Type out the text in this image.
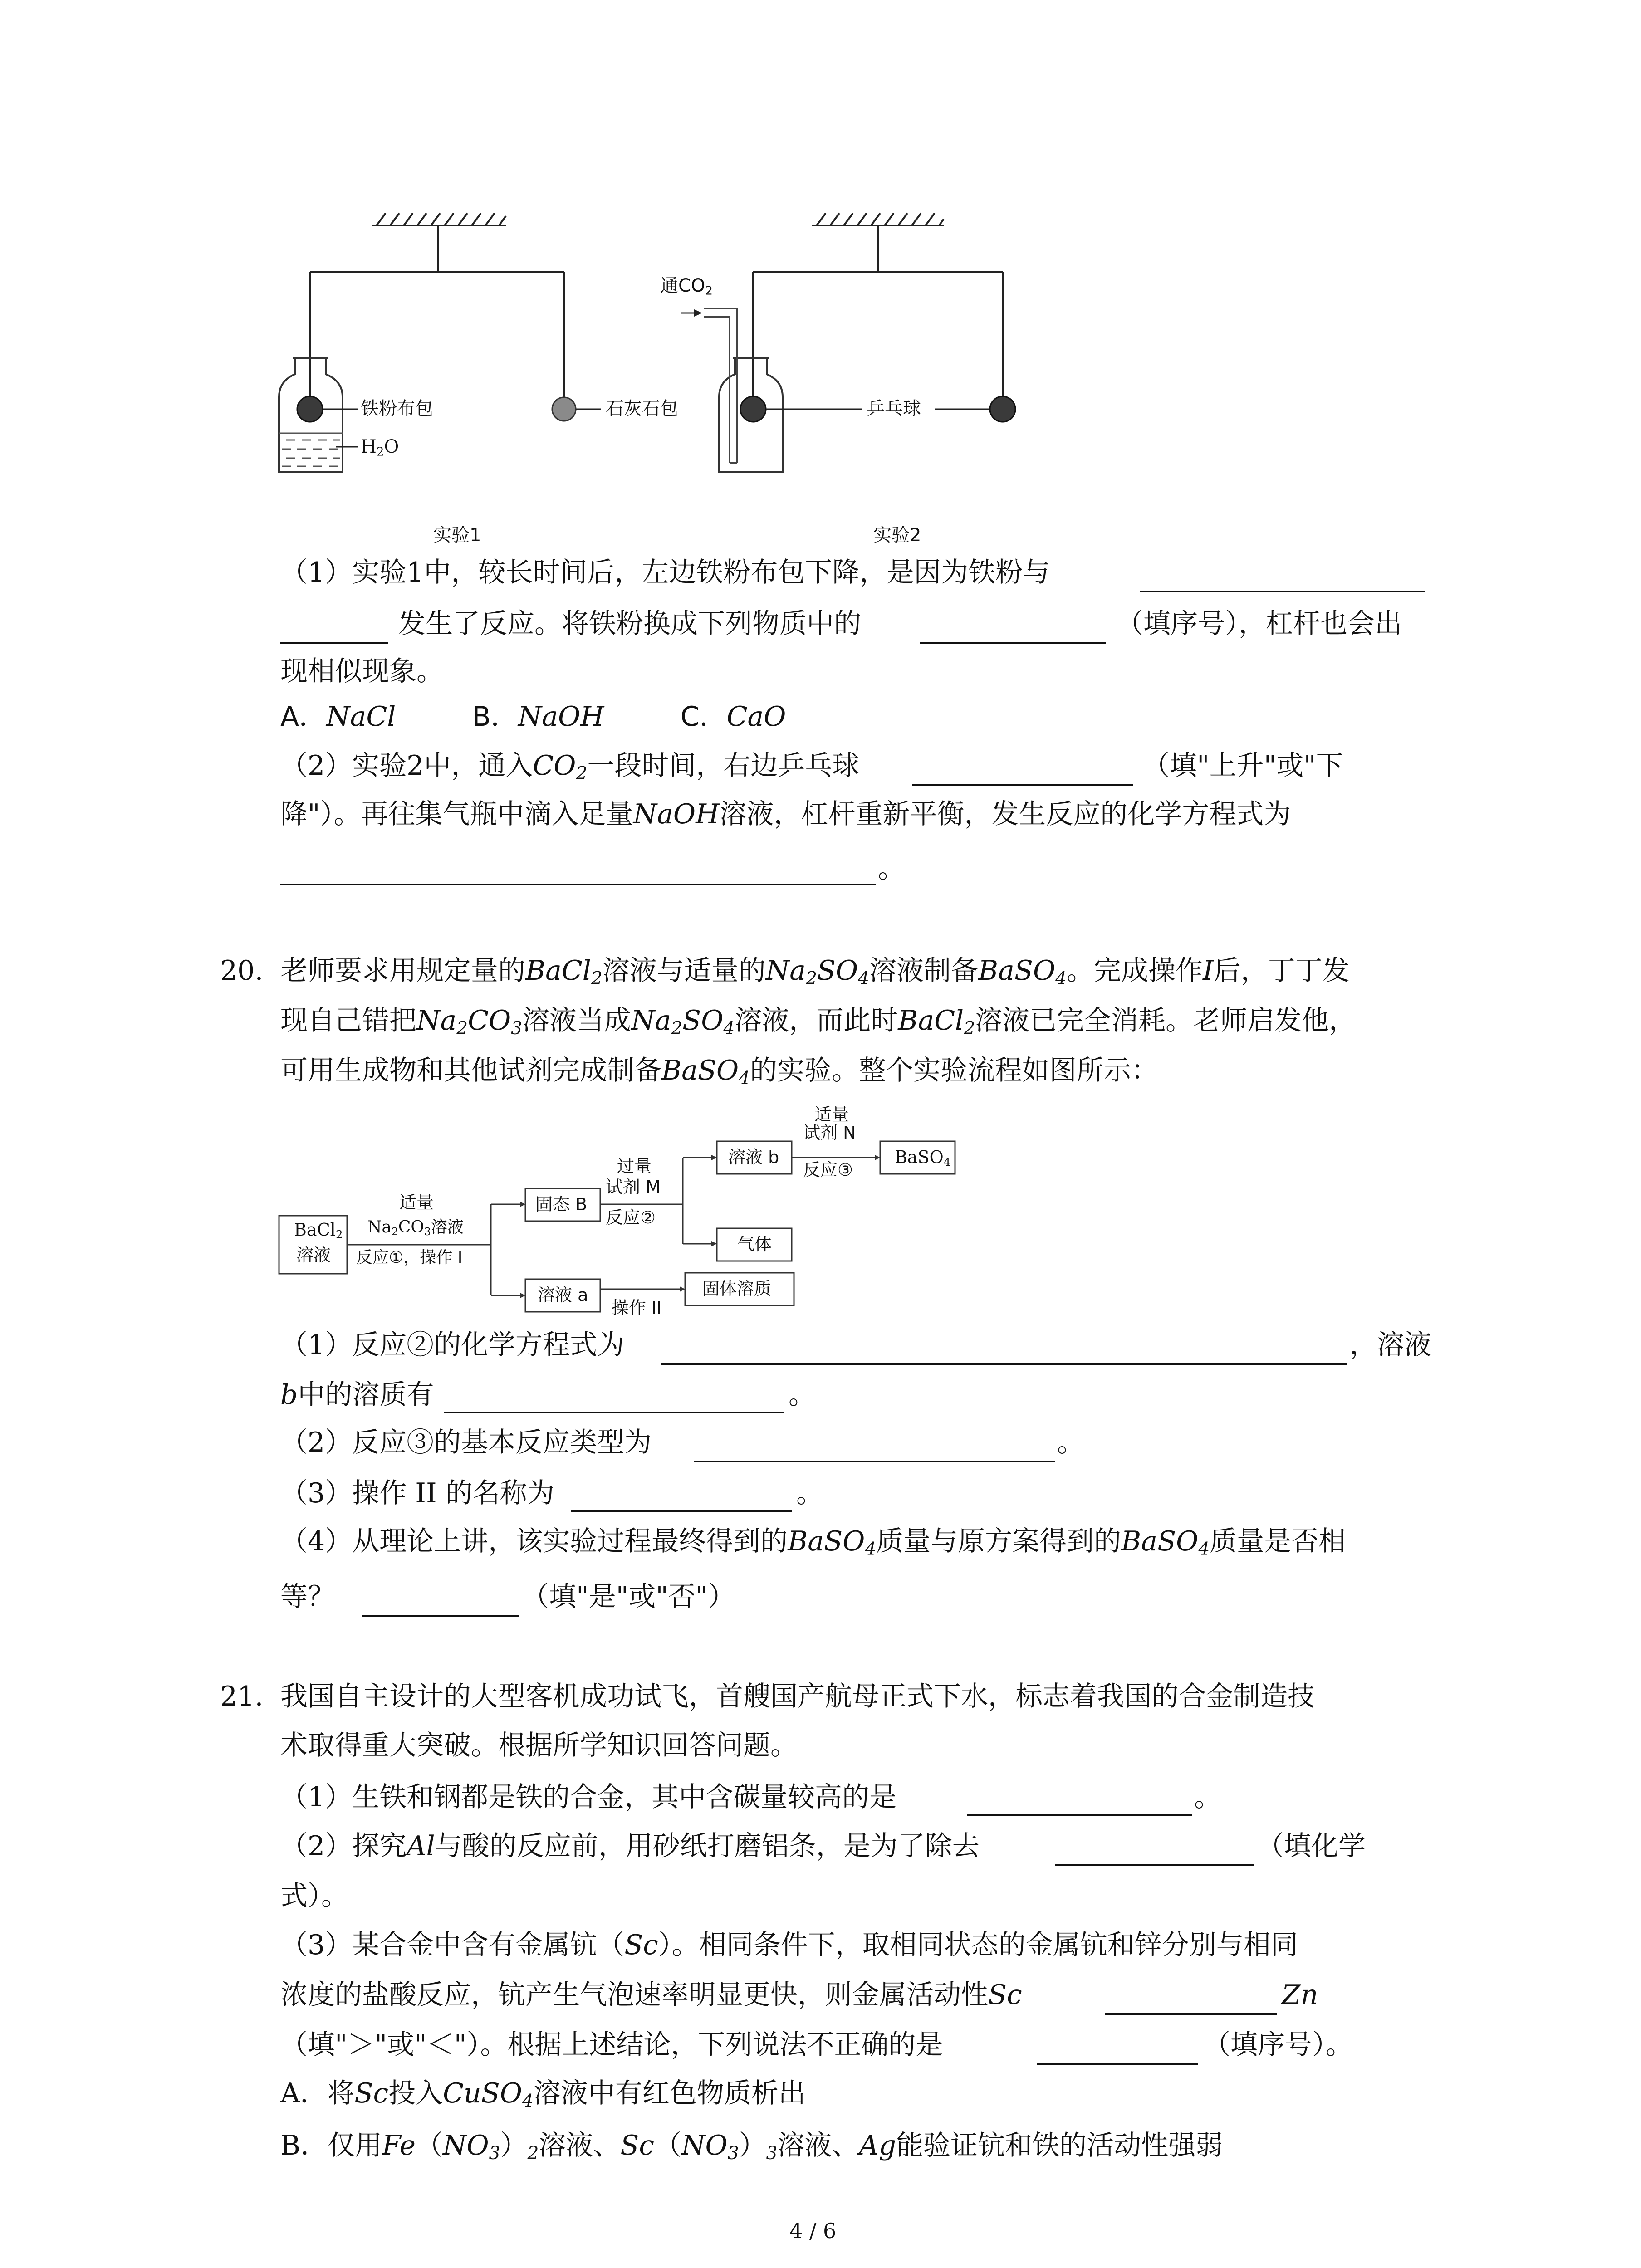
铁粉布包
$H_2O$
石灰石包
通$CO_2$
乒乓球
实验1	实验2
（1）实验1中，较长时间后，左边铁粉布包下降，是因为铁粉与
发生了反应。将铁粉换成下列物质中的	（填序号），杠杆也会出
现相似现象。
A．NaCl	B．NaOH	C．CaO
（2）实验2中，通入$CO_2$一段时间，右边乒乓球	（填"上升"或"下
降"）。再往集气瓶中滴入足量NaOH溶液，杠杆重新平衡，发生反应的化学方程式为
。
20. 老师要求用规定量的BaCl$_2$溶液与适量的$Na_2SO_4$溶液制备BaSO$_4$。完成操作I后，丁丁发
现自己错把$Na_2CO_3$溶液当成$Na_2SO_4$溶液，而此时BaCl$_2$溶液已完全消耗。老师启发他，
可用生成物和其他试剂完成制备BaSO$_4$的实验。整个实验流程如图所示：
BaCl$_2$
溶液
适量
$Na_2CO_3$溶液
反应①，操作 I
固态 B
过量
试剂 M
反应②
溶液 b
适量
试剂 N
反应③
BaSO$_4$
气体
溶液 a
操作 II
固体溶质
（1）反应②的化学方程式为	，溶液
b中的溶质有	。
（2）反应③的基本反应类型为	。
（3）操作 II 的名称为	。
（4）从理论上讲，该实验过程最终得到的BaSO$_4$质量与原方案得到的BaSO$_4$质量是否相
等？	（填"是"或"否"）
21. 我国自主设计的大型客机成功试飞，首艘国产航母正式下水，标志着我国的合金制造技
术取得重大突破。根据所学知识回答问题。
（1）生铁和钢都是铁的合金，其中含碳量较高的是	。
（2）探究Al与酸的反应前，用砂纸打磨铝条，是为了除去	（填化学
式）。
（3）某合金中含有金属钪（Sc）。相同条件下，取相同状态的金属钪和锌分别与相同
浓度的盐酸反应，钪产生气泡速率明显更快，则金属活动性Sc	Zn
（填"＞"或"＜"）。根据上述结论，下列说法不正确的是	（填序号）。
A．将Sc投入CuSO$_4$溶液中有红色物质析出
B．仅用$Fe(NO_3)_2$溶液、$Sc(NO_3)_3$溶液、Ag能验证钪和铁的活动性强弱
4 / 6
